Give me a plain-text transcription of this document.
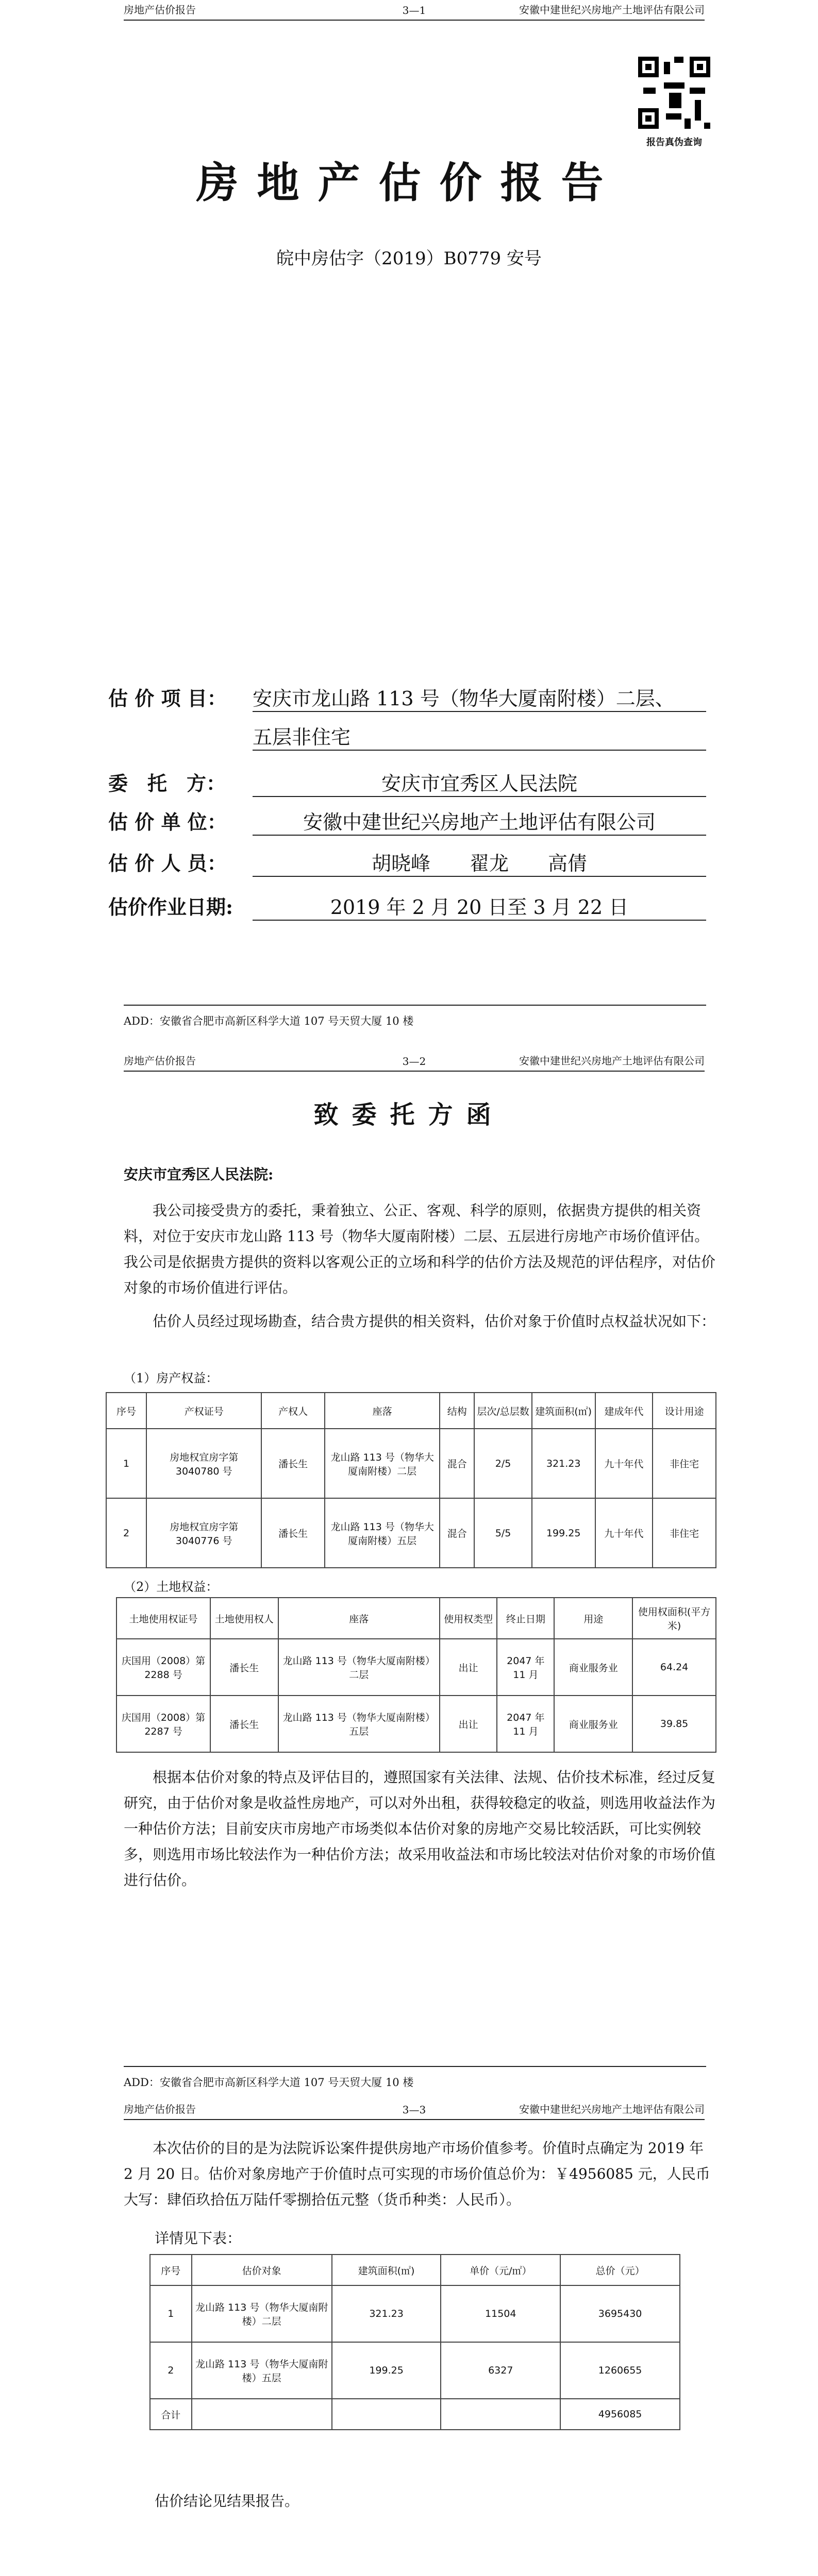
房地产估价报告	3—1	安徽中建世纪兴房地产土地评估有限公司
报告真伪查询
房地产估价报告
皖中房估字（2019）B0779 安号
估 价 项 目： 安庆市龙山路 113 号（物华大厦南附楼）二层、
五层非住宅
委　托　方：	安庆市宜秀区人民法院
估 价 单 位：	安徽中建世纪兴房地产土地评估有限公司
估 价 人 员：	胡晓峰　　翟龙　　高倩
估价作业日期:	2019 年 2 月 20 日至 3 月 22 日
ADD：安徽省合肥市高新区科学大道 107 号天贸大厦 10 楼
房地产估价报告	3—2	安徽中建世纪兴房地产土地评估有限公司
致委托方函
安庆市宜秀区人民法院:
我公司接受贵方的委托，秉着独立、公正、客观、科学的原则，依据贵方提供的相关资料，对位于安庆市龙山路 113 号（物华大厦南附楼）二层、五层进行房地产市场价值评估。我公司是依据贵方提供的资料以客观公正的立场和科学的估价方法及规范的评估程序，对估价对象的市场价值进行评估。
估价人员经过现场勘查，结合贵方提供的相关资料，估价对象于价值时点权益状况如下：
（1）房产权益：
序号	产权证号	产权人	座落	结构	层次/总层数	建筑面积(㎡)	建成年代	设计用途
1	房地权宜房字第 3040780 号	潘长生	龙山路 113 号（物华大厦南附楼）二层	混合	2/5	321.23	九十年代	非住宅
2	房地权宜房字第 3040776 号	潘长生	龙山路 113 号（物华大厦南附楼）五层	混合	5/5	199.25	九十年代	非住宅
（2）土地权益：
土地使用权证号	土地使用权人	座落	使用权类型	终止日期	用途	使用权面积(平方米)
庆国用（2008）第 2288 号	潘长生	龙山路 113 号（物华大厦南附楼）二层	出让	2047 年 11 月	商业服务业	64.24
庆国用（2008）第 2287 号	潘长生	龙山路 113 号（物华大厦南附楼）五层	出让	2047 年 11 月	商业服务业	39.85
根据本估价对象的特点及评估目的，遵照国家有关法律、法规、估价技术标准，经过反复研究，由于估价对象是收益性房地产，可以对外出租，获得较稳定的收益，则选用收益法作为一种估价方法；目前安庆市房地产市场类似本估价对象的房地产交易比较活跃，可比实例较多，则选用市场比较法作为一种估价方法；故采用收益法和市场比较法对估价对象的市场价值进行估价。
ADD：安徽省合肥市高新区科学大道 107 号天贸大厦 10 楼
房地产估价报告	3—3	安徽中建世纪兴房地产土地评估有限公司
本次估价的目的是为法院诉讼案件提供房地产市场价值参考。价值时点确定为 2019 年 2 月 20 日。估价对象房地产于价值时点可实现的市场价值总价为：￥4956085 元，人民币大写：肆佰玖拾伍万陆仟零捌拾伍元整（货币种类：人民币）。
详情见下表：
序号	估价对象	建筑面积(㎡)	单价（元/㎡）	总价（元）
1	龙山路 113 号（物华大厦南附楼）二层	321.23	11504	3695430
2	龙山路 113 号（物华大厦南附楼）五层	199.25	6327	1260655
合计				4956085
估价结论见结果报告。
